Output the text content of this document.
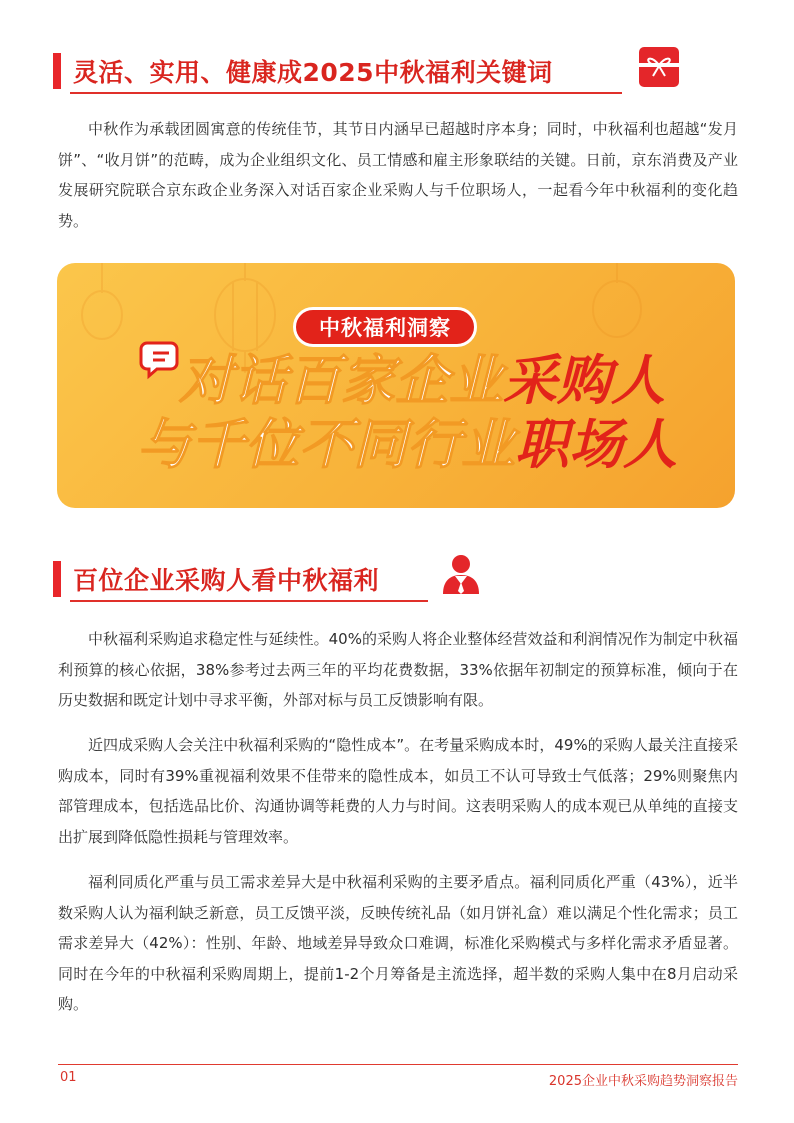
灵活、实用、健康成2025中秋福利关键词

中秋作为承载团圆寓意的传统佳节，其节日内涵早已超越时序本身；同时，中秋福利也超越“发月饼”、“收月饼”的范畴，成为企业组织文化、员工情感和雇主形象联结的关键。日前，京东消费及产业发展研究院联合京东政企业务深入对话百家企业采购人与千位职场人，一起看今年中秋福利的变化趋势。

中秋福利洞察
对话百家企业采购人
与千位不同行业职场人
百位企业采购人看中秋福利

中秋福利采购追求稳定性与延续性。40%的采购人将企业整体经营效益和利润情况作为制定中秋福利预算的核心依据，38%参考过去两三年的平均花费数据，33%依据年初制定的预算标准，倾向于在历史数据和既定计划中寻求平衡，外部对标与员工反馈影响有限。

近四成采购人会关注中秋福利采购的“隐性成本”。在考量采购成本时，49%的采购人最关注直接采购成本，同时有39%重视福利效果不佳带来的隐性成本，如员工不认可导致士气低落；29%则聚焦内部管理成本，包括选品比价、沟通协调等耗费的人力与时间。这表明采购人的成本观已从单纯的直接支出扩展到降低隐性损耗与管理效率。

福利同质化严重与员工需求差异大是中秋福利采购的主要矛盾点。福利同质化严重（43%），近半数采购人认为福利缺乏新意，员工反馈平淡，反映传统礼品（如月饼礼盒）难以满足个性化需求；员工需求差异大（42%）：性别、年龄、地域差异导致众口难调，标准化采购模式与多样化需求矛盾显著。同时在今年的中秋福利采购周期上，提前1-2个月筹备是主流选择，超半数的采购人集中在8月启动采购。

01	2025企业中秋采购趋势洞察报告
